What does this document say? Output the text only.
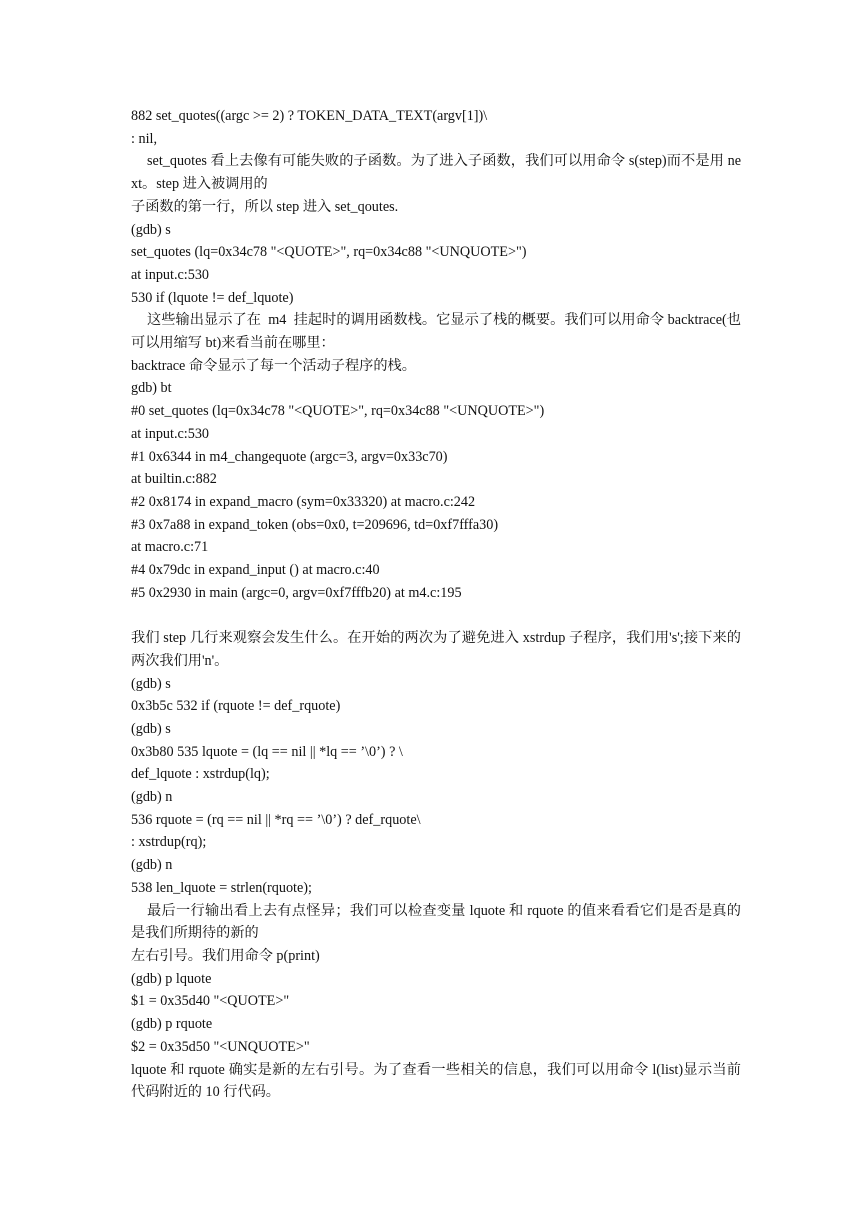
882 set_quotes((argc >= 2) ? TOKEN_DATA_TEXT(argv[1])\
: nil,
set_quotes 看上去像有可能失败的子函数。为了进入子函数，我们可以用命令 s(step)而不是用 next。step 进入被调用的
子函数的第一行，所以 step 进入 set_qoutes.
(gdb) s
set_quotes (lq=0x34c78 "<QUOTE>", rq=0x34c88 "<UNQUOTE>")
at input.c:530
530 if (lquote != def_lquote)
这些输出显示了在  m4  挂起时的调用函数栈。它显示了栈的概要。我们可以用命令 backtrace(也可以用缩写 bt)来看当前在哪里：
backtrace 命令显示了每一个活动子程序的栈。
gdb) bt
#0 set_quotes (lq=0x34c78 "<QUOTE>", rq=0x34c88 "<UNQUOTE>")
at input.c:530
#1 0x6344 in m4_changequote (argc=3, argv=0x33c70)
at builtin.c:882
#2 0x8174 in expand_macro (sym=0x33320) at macro.c:242
#3 0x7a88 in expand_token (obs=0x0, t=209696, td=0xf7fffa30)
at macro.c:71
#4 0x79dc in expand_input () at macro.c:40
#5 0x2930 in main (argc=0, argv=0xf7fffb20) at m4.c:195
我们 step 几行来观察会发生什么。在开始的两次为了避免进入 xstrdup 子程序，我们用's';接下来的两次我们用'n'。
(gdb) s
0x3b5c 532 if (rquote != def_rquote)
(gdb) s
0x3b80 535 lquote = (lq == nil || *lq == ’\0’) ? \
def_lquote : xstrdup(lq);
(gdb) n
536 rquote = (rq == nil || *rq == ’\0’) ? def_rquote\
: xstrdup(rq);
(gdb) n
538 len_lquote = strlen(rquote);
最后一行输出看上去有点怪异；我们可以检查变量 lquote 和 rquote 的值来看看它们是否是真的是我们所期待的新的
左右引号。我们用命令 p(print)
(gdb) p lquote
$1 = 0x35d40 "<QUOTE>"
(gdb) p rquote
$2 = 0x35d50 "<UNQUOTE>"
lquote 和 rquote 确实是新的左右引号。为了查看一些相关的信息，我们可以用命令 l(list)显示当前代码附近的 10 行代码。
